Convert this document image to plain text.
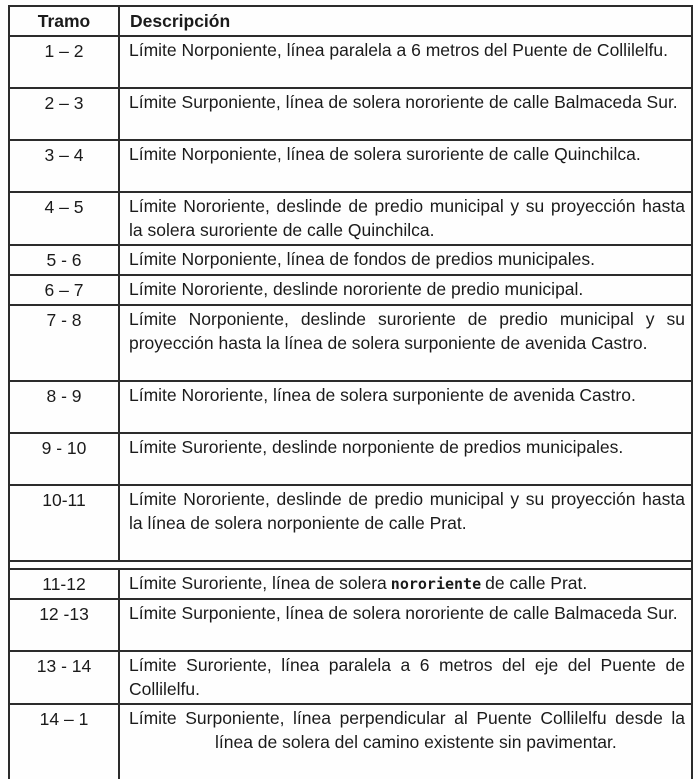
Tramo	Descripción
1 – 2	Límite Norponiente, línea paralela a 6 metros del Puente de Collilelfu.
2 – 3	Límite Surponiente, línea de solera nororiente de calle Balmaceda Sur.
3 – 4	Límite Norponiente, línea de solera suroriente de calle Quinchilca.
4 – 5	Límite Nororiente, deslinde de predio municipal y su proyección hasta la solera suroriente de calle Quinchilca.
5 - 6	Límite Norponiente, línea de fondos de predios municipales.
6 – 7	Límite Nororiente, deslinde nororiente de predio municipal.
7 - 8	Límite Norponiente, deslinde suroriente de predio municipal y su proyección hasta la línea de solera surponiente de avenida Castro.
8 - 9	Límite Nororiente, línea de solera surponiente de avenida Castro.
9 - 10	Límite Suroriente, deslinde norponiente de predios municipales.
10-11	Límite Nororiente, deslinde de predio municipal y su proyección hasta la línea de solera norponiente de calle Prat.

11-12	Límite Suroriente, línea de solera nororiente de calle Prat.
12 -13	Límite Surponiente, línea de solera nororiente de calle Balmaceda Sur.
13 - 14	Límite Suroriente, línea paralela a 6 metros del eje del Puente de Collilelfu.
14 – 1	Límite Surponiente, línea perpendicular al Puente Collilelfu desde la línea de solera del camino existente sin pavimentar.
